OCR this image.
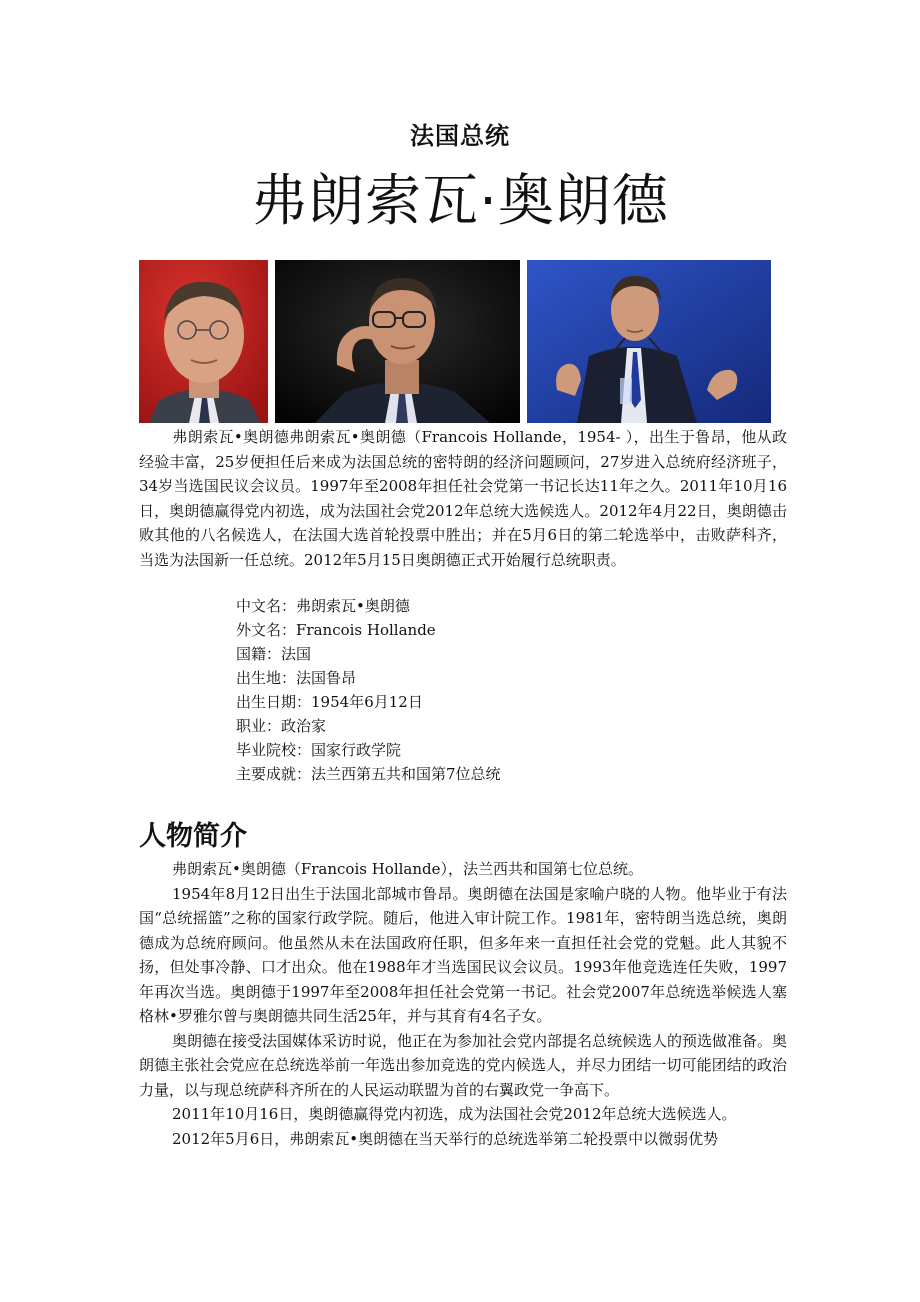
法国总统
弗朗索瓦·奥朗德

弗朗索瓦•奥朗德弗朗索瓦•奥朗德（Francois Hollande，1954- ），出生于鲁昂，他从政经验丰富，25岁便担任后来成为法国总统的密特朗的经济问题顾问，27岁进入总统府经济班子，34岁当选国民议会议员。1997年至2008年担任社会党第一书记长达11年之久。2011年10月16日，奥朗德赢得党内初选，成为法国社会党2012年总统大选候选人。2012年4月22日，奥朗德击败其他的八名候选人，在法国大选首轮投票中胜出；并在5月6日的第二轮选举中，击败萨科齐，当选为法国新一任总统。2012年5月15日奥朗德正式开始履行总统职责。

中文名：弗朗索瓦•奥朗德
外文名：Francois Hollande
国籍：法国
出生地：法国鲁昂
出生日期：1954年6月12日
职业：政治家
毕业院校：国家行政学院
主要成就：法兰西第五共和国第7位总统
人物简介

弗朗索瓦•奥朗德（Francois Hollande），法兰西共和国第七位总统。

1954年8月12日出生于法国北部城市鲁昂。奥朗德在法国是家喻户晓的人物。他毕业于有法国“总统摇篮”之称的国家行政学院。随后，他进入审计院工作。1981年，密特朗当选总统，奥朗德成为总统府顾问。他虽然从未在法国政府任职，但多年来一直担任社会党的党魁。此人其貌不扬，但处事冷静、口才出众。他在1988年才当选国民议会议员。1993年他竞选连任失败，1997年再次当选。奥朗德于1997年至2008年担任社会党第一书记。社会党2007年总统选举候选人塞格林•罗雅尔曾与奥朗德共同生活25年，并与其育有4名子女。

奥朗德在接受法国媒体采访时说，他正在为参加社会党内部提名总统候选人的预选做准备。奥朗德主张社会党应在总统选举前一年选出参加竞选的党内候选人，并尽力团结一切可能团结的政治力量，以与现总统萨科齐所在的人民运动联盟为首的右翼政党一争高下。

2011年10月16日，奥朗德赢得党内初选，成为法国社会党2012年总统大选候选人。

2012年5月6日，弗朗索瓦•奥朗德在当天举行的总统选举第二轮投票中以微弱优势
